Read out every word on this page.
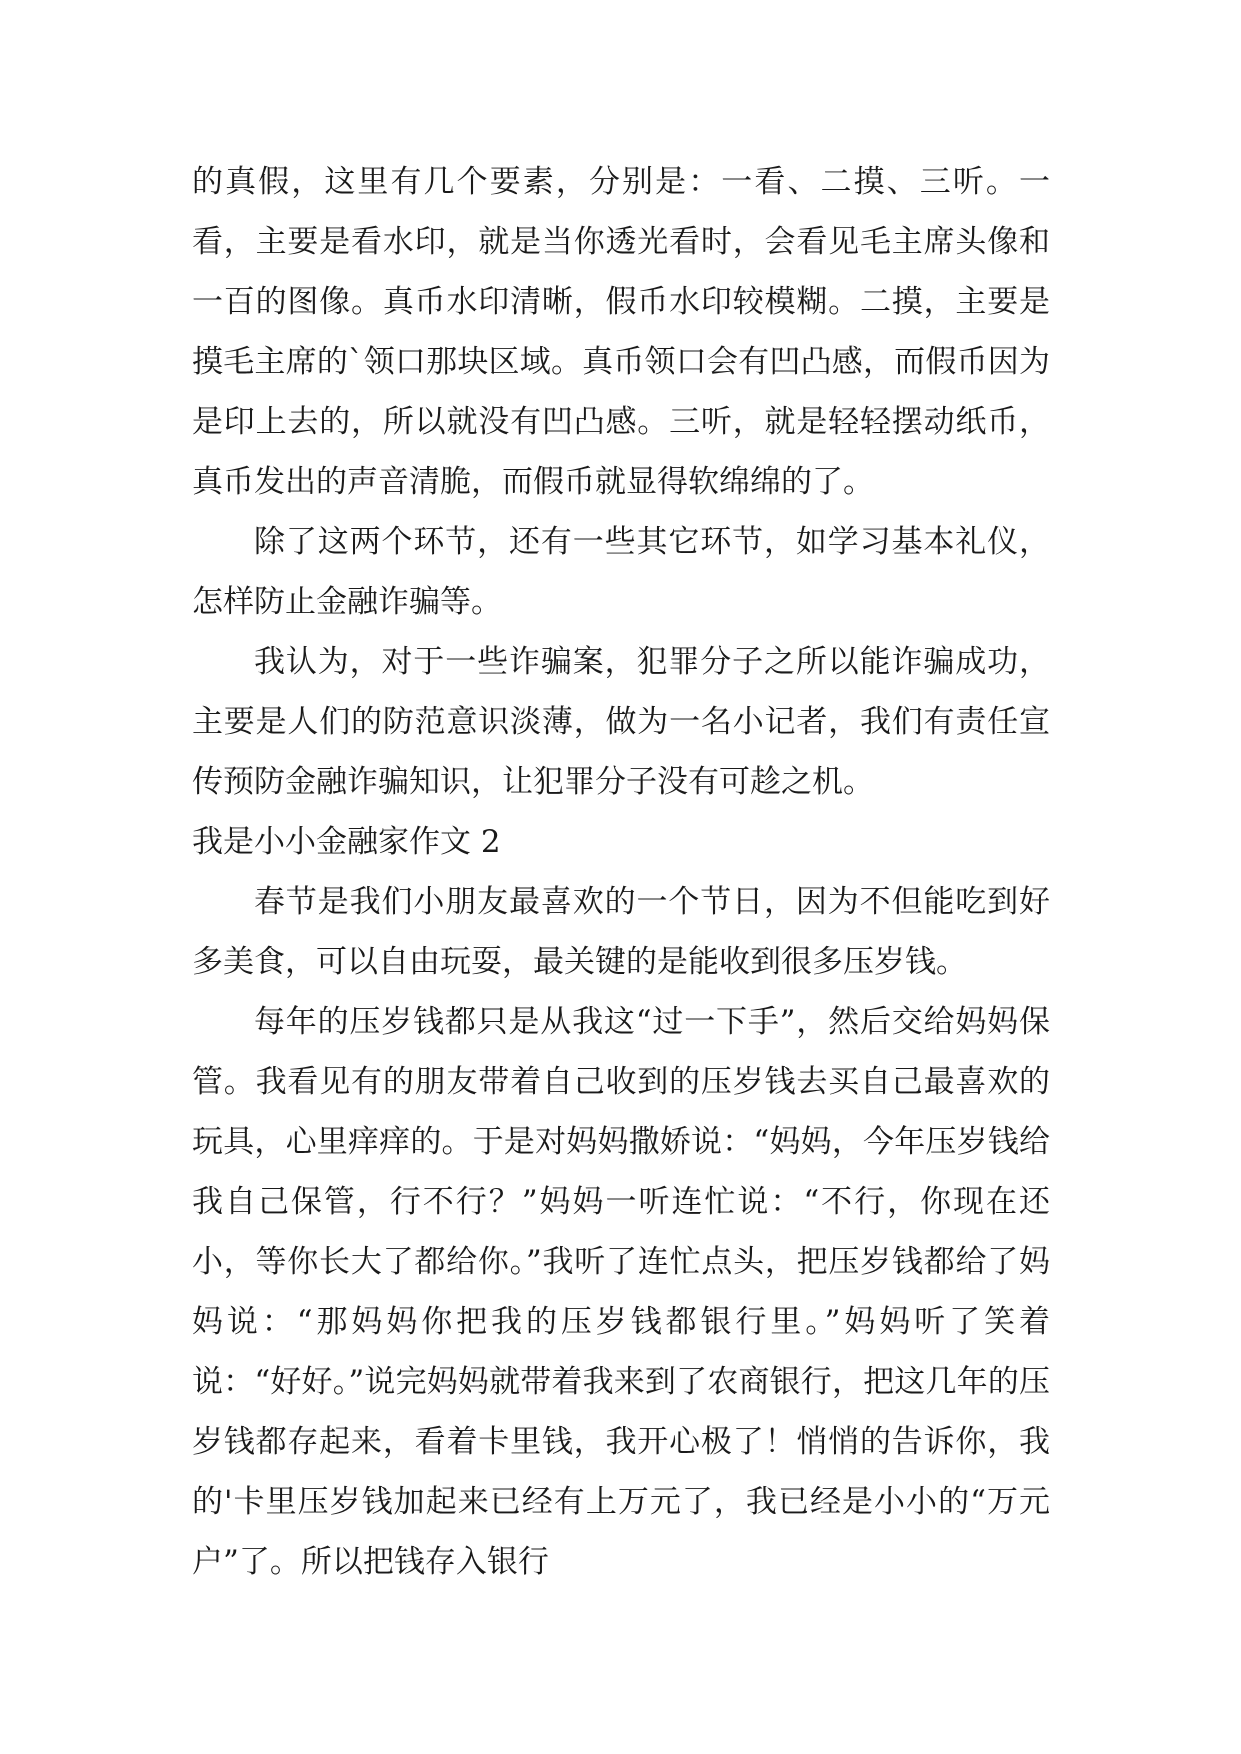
的真假，这里有几个要素，分别是：一看、二摸、三听。一看，主要是看水印，就是当你透光看时，会看见毛主席头像和一百的图像。真币水印清晰，假币水印较模糊。二摸，主要是摸毛主席的`领口那块区域。真币领口会有凹凸感，而假币因为是印上去的，所以就没有凹凸感。三听，就是轻轻摆动纸币，真币发出的声音清脆，而假币就显得软绵绵的了。

除了这两个环节，还有一些其它环节，如学习基本礼仪，怎样防止金融诈骗等。

我认为，对于一些诈骗案，犯罪分子之所以能诈骗成功，主要是人们的防范意识淡薄，做为一名小记者，我们有责任宣传预防金融诈骗知识，让犯罪分子没有可趁之机。

我是小小金融家作文 2

春节是我们小朋友最喜欢的一个节日，因为不但能吃到好多美食，可以自由玩耍，最关键的是能收到很多压岁钱。

每年的压岁钱都只是从我这“过一下手”，然后交给妈妈保管。我看见有的朋友带着自己收到的压岁钱去买自己最喜欢的玩具，心里痒痒的。于是对妈妈撒娇说：“妈妈，今年压岁钱给我自己保管，行不行？”妈妈一听连忙说：“不行，你现在还小，等你长大了都给你。”我听了连忙点头，把压岁钱都给了妈妈说：“那妈妈你把我的压岁钱都银行里。”妈妈听了笑着说：“好好。”说完妈妈就带着我来到了农商银行，把这几年的压岁钱都存起来，看着卡里钱，我开心极了！悄悄的告诉你，我的'卡里压岁钱加起来已经有上万元了，我已经是小小的“万元户”了。所以把钱存入银行
